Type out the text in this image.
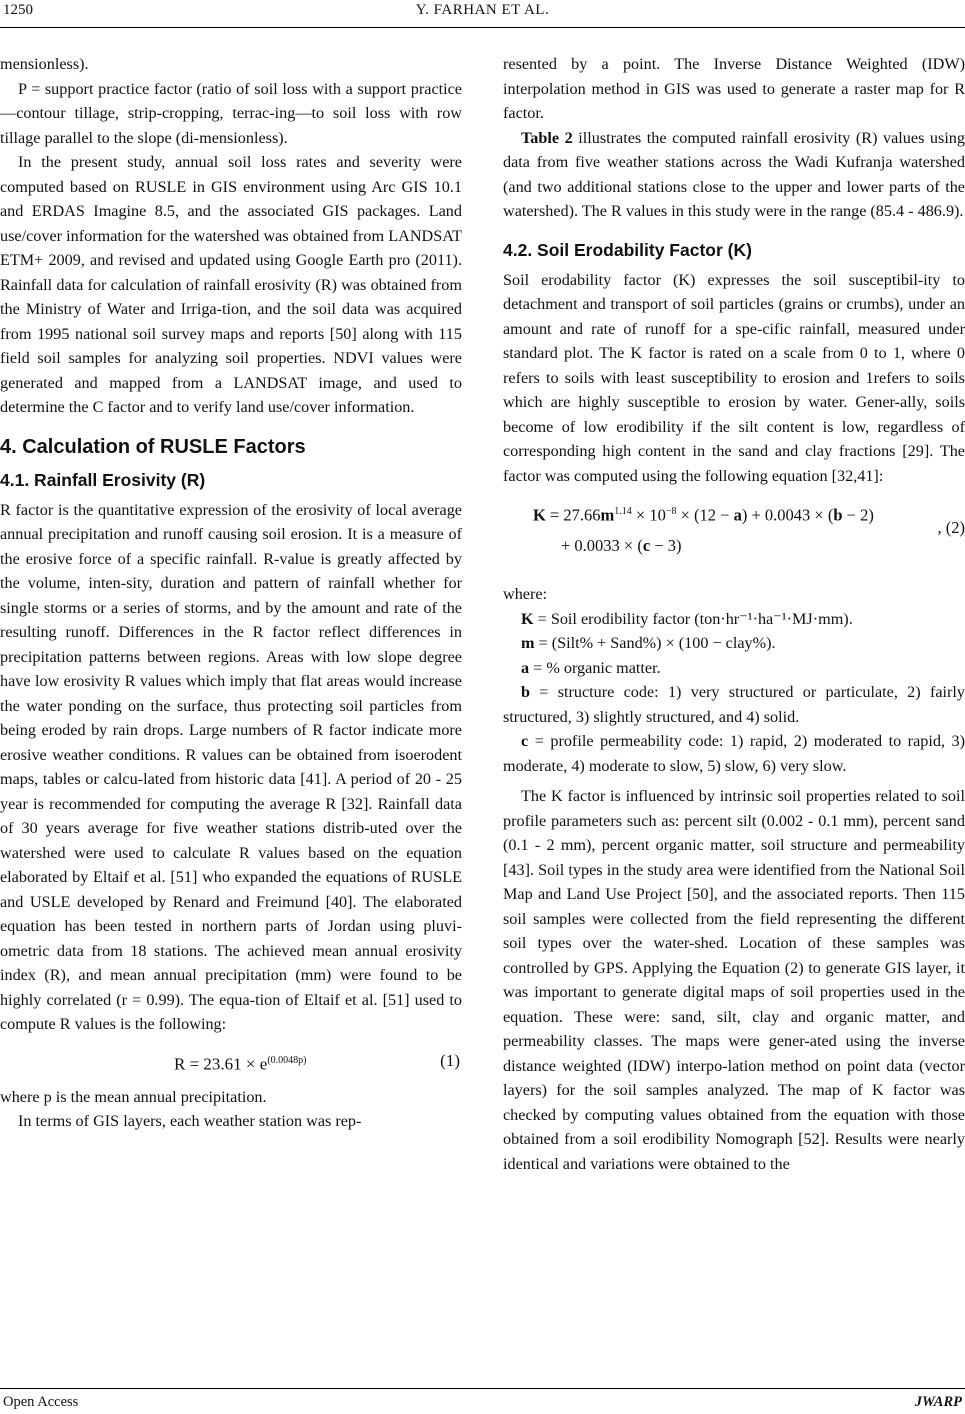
1250	Y. FARHAN ET AL.

mensionless).

P = support practice factor (ratio of soil loss with a support practice—contour tillage, strip-cropping, terrac-ing—to soil loss with row tillage parallel to the slope (di-mensionless).

In the present study, annual soil loss rates and severity were computed based on RUSLE in GIS environment using Arc GIS 10.1 and ERDAS Imagine 8.5, and the associated GIS packages. Land use/cover information for the watershed was obtained from LANDSAT ETM+ 2009, and revised and updated using Google Earth pro (2011). Rainfall data for calculation of rainfall erosivity (R) was obtained from the Ministry of Water and Irriga-tion, and the soil data was acquired from 1995 national soil survey maps and reports [50] along with 115 field soil samples for analyzing soil properties. NDVI values were generated and mapped from a LANDSAT image, and used to determine the C factor and to verify land use/cover information.

4. Calculation of RUSLE Factors
4.1. Rainfall Erosivity (R)

R factor is the quantitative expression of the erosivity of local average annual precipitation and runoff causing soil erosion. It is a measure of the erosive force of a specific rainfall. R-value is greatly affected by the volume, inten-sity, duration and pattern of rainfall whether for single storms or a series of storms, and by the amount and rate of the resulting runoff. Differences in the R factor reflect differences in precipitation patterns between regions. Areas with low slope degree have low erosivity R values which imply that flat areas would increase the water ponding on the surface, thus protecting soil particles from being eroded by rain drops. Large numbers of R factor indicate more erosive weather conditions. R values can be obtained from isoerodent maps, tables or calcu-lated from historic data [41]. A period of 20 - 25 year is recommended for computing the average R [32]. Rainfall data of 30 years average for five weather stations distrib-uted over the watershed were used to calculate R values based on the equation elaborated by Eltaif et al. [51] who expanded the equations of RUSLE and USLE developed by Renard and Freimund [40]. The elaborated equation has been tested in northern parts of Jordan using pluvi-ometric data from 18 stations. The achieved mean annual erosivity index (R), and mean annual precipitation (mm) were found to be highly correlated (r = 0.99). The equa-tion of Eltaif et al. [51] used to compute R values is the following:

$R = 23.61 \times e^{(0.0048p)}$	(1)

where p is the mean annual precipitation.

In terms of GIS layers, each weather station was rep-

resented by a point. The Inverse Distance Weighted (IDW) interpolation method in GIS was used to generate a raster map for R factor.

Table 2 illustrates the computed rainfall erosivity (R) values using data from five weather stations across the Wadi Kufranja watershed (and two additional stations close to the upper and lower parts of the watershed). The R values in this study were in the range (85.4 - 486.9).

4.2. Soil Erodability Factor (K)

Soil erodability factor (K) expresses the soil susceptibil-ity to detachment and transport of soil particles (grains or crumbs), under an amount and rate of runoff for a spe-cific rainfall, measured under standard plot. The K factor is rated on a scale from 0 to 1, where 0 refers to soils with least susceptibility to erosion and 1refers to soils which are highly susceptible to erosion by water. Gener-ally, soils become of low erodibility if the silt content is low, regardless of corresponding high content in the sand and clay fractions [29]. The factor was computed using the following equation [32,41]:

$K = 27.66m^{1.14} \times 10^{-8} \times (12 - a) + 0.0043 \times (b - 2)$
+ 0.0033 × (c − 3)
, (2)

where:

K = Soil erodibility factor (ton·hr⁻¹·ha⁻¹·MJ·mm).

m = (Silt% + Sand%) × (100 − clay%).

a = % organic matter.

b = structure code: 1) very structured or particulate, 2) fairly structured, 3) slightly structured, and 4) solid.

c = profile permeability code: 1) rapid, 2) moderated to rapid, 3) moderate, 4) moderate to slow, 5) slow, 6) very slow.

The K factor is influenced by intrinsic soil properties related to soil profile parameters such as: percent silt (0.002 - 0.1 mm), percent sand (0.1 - 2 mm), percent organic matter, soil structure and permeability [43]. Soil types in the study area were identified from the National Soil Map and Land Use Project [50], and the associated reports. Then 115 soil samples were collected from the field representing the different soil types over the water-shed. Location of these samples was controlled by GPS. Applying the Equation (2) to generate GIS layer, it was important to generate digital maps of soil properties used in the equation. These were: sand, silt, clay and organic matter, and permeability classes. The maps were gener-ated using the inverse distance weighted (IDW) interpo-lation method on point data (vector layers) for the soil samples analyzed. The map of K factor was checked by computing values obtained from the equation with those obtained from a soil erodibility Nomograph [52]. Results were nearly identical and variations were obtained to the

Open Access	JWARP
